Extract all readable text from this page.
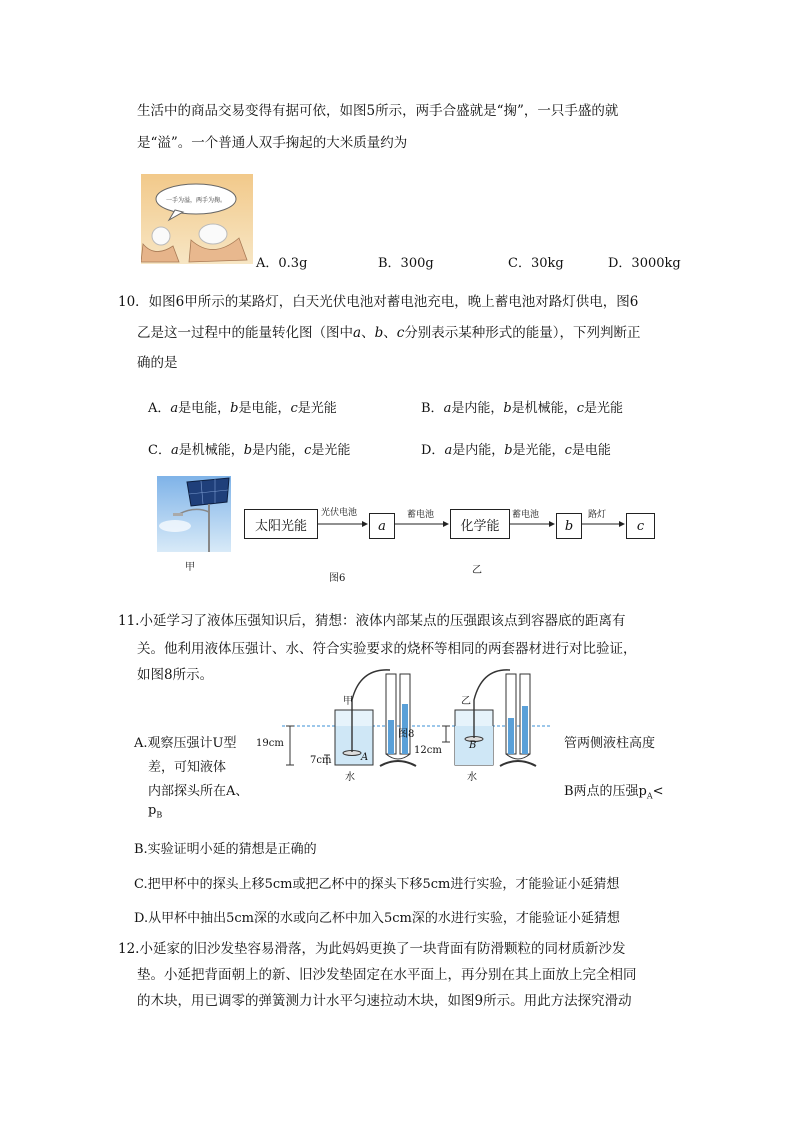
生活中的商品交易变得有据可依，如图5所示，两手合盛就是“掬”，一只手盛的就
是“溢”。一个普通人双手掬起的大米质量约为
一手为溢，两手为掬。
A．0.3g	B．300g	C．30kg	D．3000kg
10．如图6甲所示的某路灯，白天光伏电池对蓄电池充电，晚上蓄电池对路灯供电，图6
乙是这一过程中的能量转化图（图中a、b、c分别表示某种形式的能量），下列判断正
确的是
A．a是电能，b是电能，c是光能	B．a是内能，b是机械能，c是光能
C．a是机械能，b是内能，c是光能	D．a是内能，b是光能，c是电能
甲
图6
乙
太阳光能	a	化学能	b	c
光伏电池	蓄电池	蓄电池	路灯
11.小延学习了液体压强知识后，猜想：液体内部某点的压强跟该点到容器底的距离有
关。他利用液体压强计、水、符合实验要求的烧杯等相同的两套器材进行对比验证，
如图8所示。
甲	乙
图8
19cm
7cm
12cm
水	水
A
B
A.观察压强计U型
差，可知液体
内部探头所在A、
$p_B$
管两侧液柱高度
B两点的压强$p_A<$
B.实验证明小延的猜想是正确的
C.把甲杯中的探头上移5cm或把乙杯中的探头下移5cm进行实验，才能验证小延猜想
D.从甲杯中抽出5cm深的水或向乙杯中加入5cm深的水进行实验，才能验证小延猜想
12.小延家的旧沙发垫容易滑落，为此妈妈更换了一块背面有防滑颗粒的同材质新沙发
垫。小延把背面朝上的新、旧沙发垫固定在水平面上，再分别在其上面放上完全相同
的木块，用已调零的弹簧测力计水平匀速拉动木块，如图9所示。用此方法探究滑动
